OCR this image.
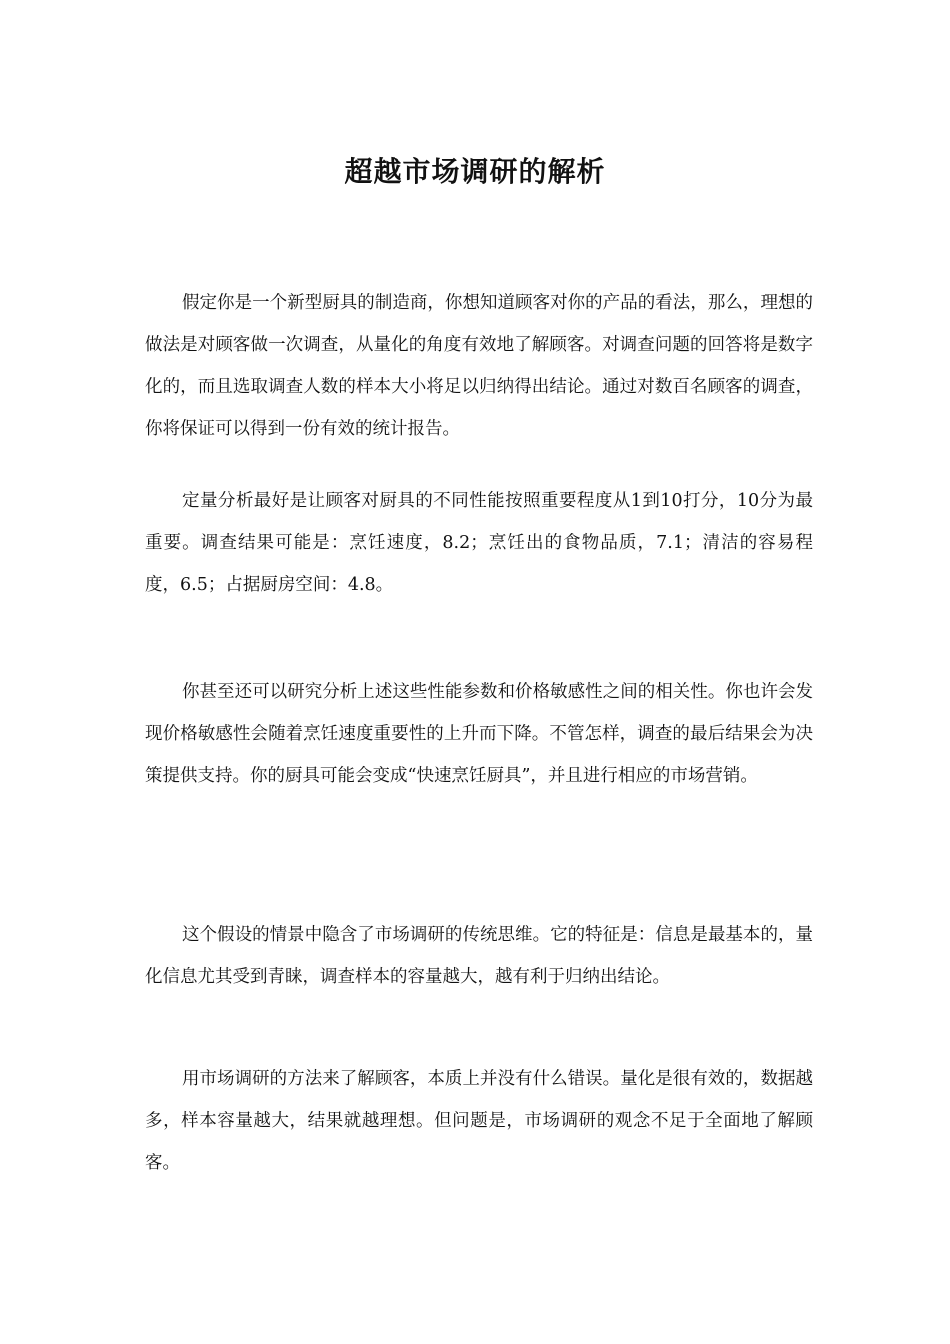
超越市场调研的解析

假定你是一个新型厨具的制造商，你想知道顾客对你的产品的看法，那么，理想的做法是对顾客做一次调查，从量化的角度有效地了解顾客。对调查问题的回答将是数字化的，而且选取调查人数的样本大小将足以归纳得出结论。通过对数百名顾客的调查，你将保证可以得到一份有效的统计报告。

定量分析最好是让顾客对厨具的不同性能按照重要程度从1到10打分，10分为最重要。调查结果可能是：烹饪速度，8.2；烹饪出的食物品质，7.1；清洁的容易程度，6.5；占据厨房空间：4.8。

你甚至还可以研究分析上述这些性能参数和价格敏感性之间的相关性。你也许会发现价格敏感性会随着烹饪速度重要性的上升而下降。不管怎样，调查的最后结果会为决策提供支持。你的厨具可能会变成“快速烹饪厨具”，并且进行相应的市场营销。

这个假设的情景中隐含了市场调研的传统思维。它的特征是：信息是最基本的，量化信息尤其受到青睐，调查样本的容量越大，越有利于归纳出结论。

用市场调研的方法来了解顾客，本质上并没有什么错误。量化是很有效的，数据越多，样本容量越大，结果就越理想。但问题是，市场调研的观念不足于全面地了解顾客。
